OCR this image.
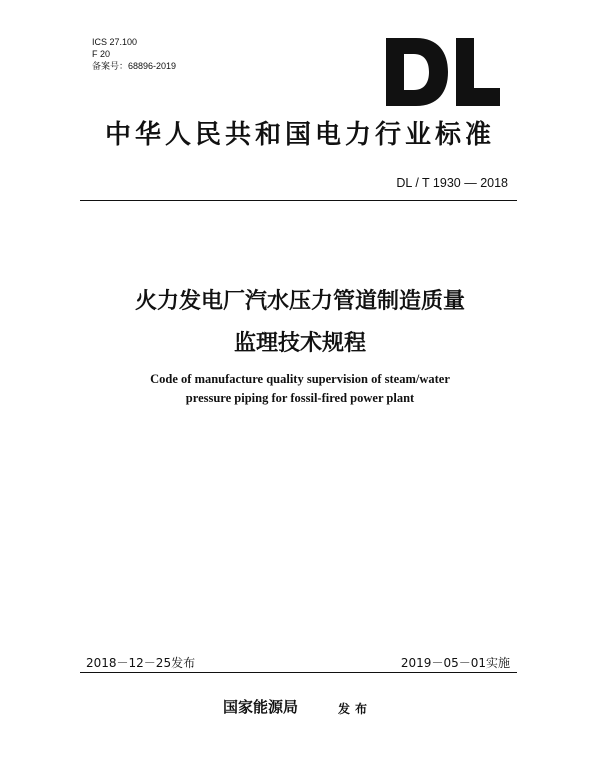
ICS 27.100
F 20
备案号：68896-2019
中华人民共和国电力行业标准
DL / T 1930 — 2018
火力发电厂汽水压力管道制造质量
监理技术规程
Code of manufacture quality supervision of steam/water
pressure piping for fossil-fired power plant
2018－12－25发布	2019－05－01实施
国家能源局	发布
